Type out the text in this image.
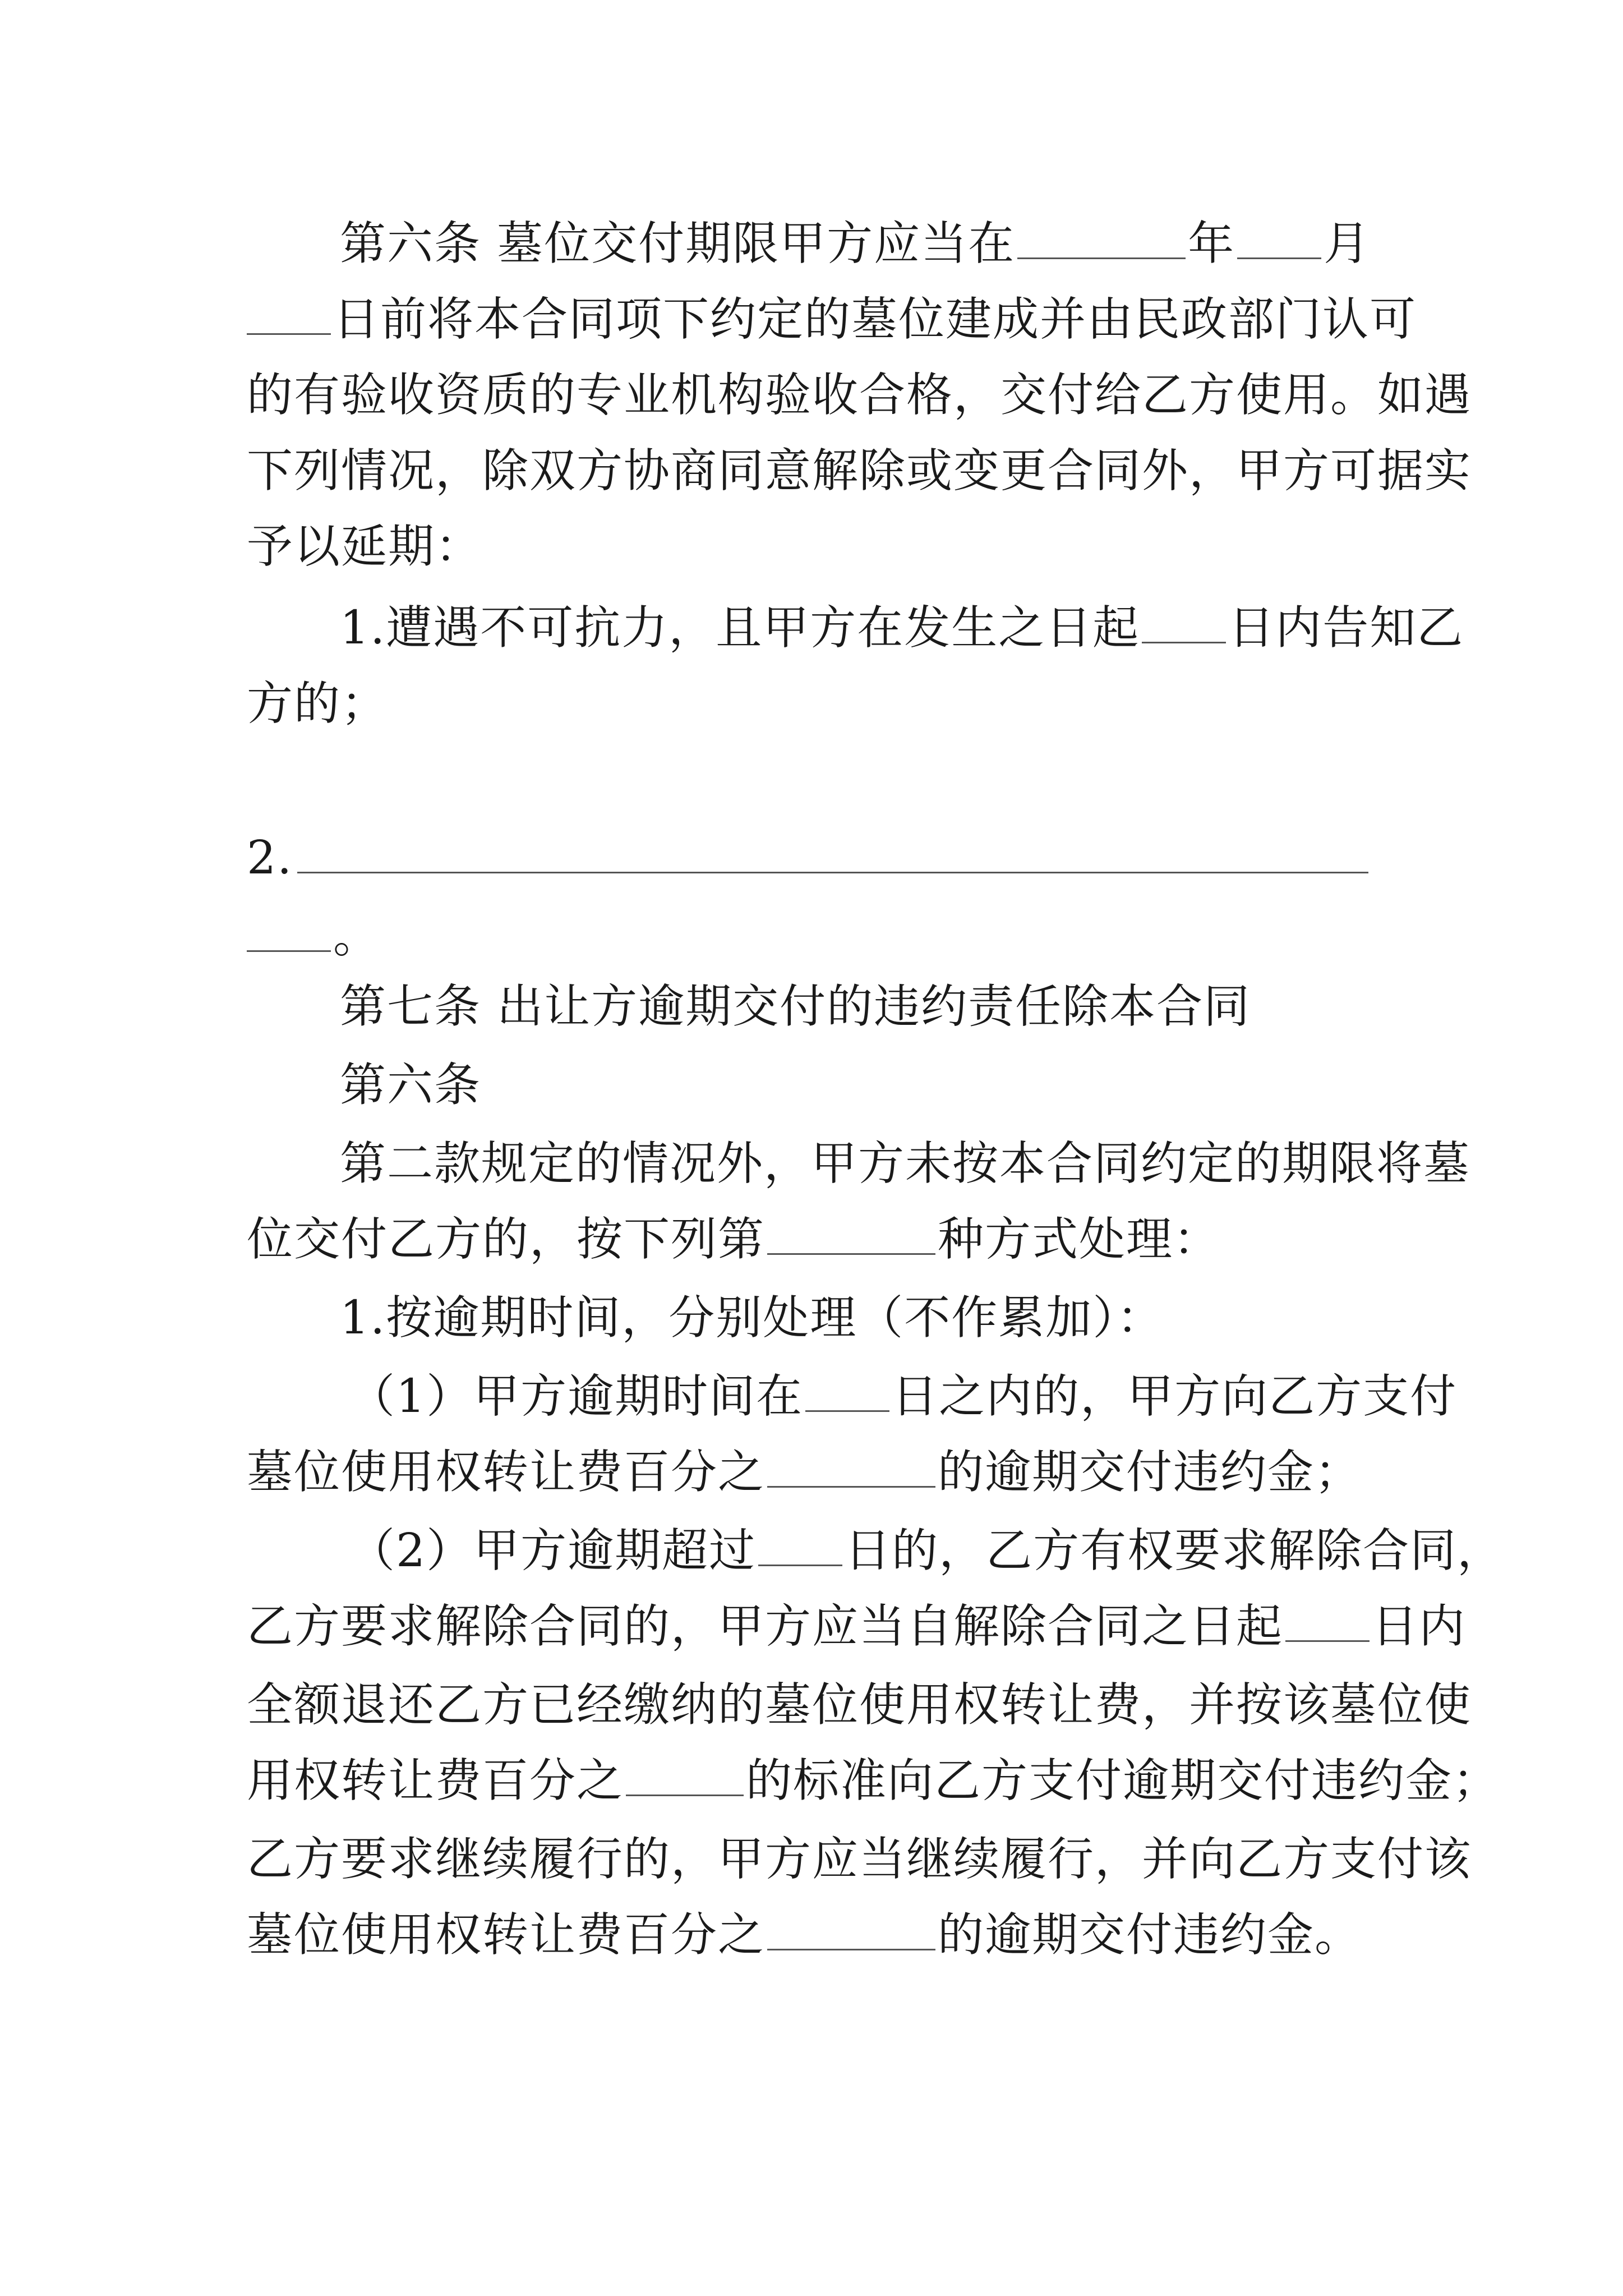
第六条 墓位交付期限甲方应当在	年 月
日前将本合同项下约定的墓位建成并由民政部门认可
的有验收资质的专业机构验收合格，交付给乙方使用。如遇
下列情况，除双方协商同意解除或变更合同外，甲方可据实
予以延期：
1.遭遇不可抗力，且甲方在发生之日起 日内告知乙
方的；
2.
。
第七条 出让方逾期交付的违约责任除本合同
第六条
第二款规定的情况外，甲方未按本合同约定的期限将墓
位交付乙方的，按下列第	种方式处理：
1.按逾期时间，分别处理（不作累加）：
（1）甲方逾期时间在 日之内的，甲方向乙方支付
墓位使用权转让费百分之	的逾期交付违约金；
（2）甲方逾期超过 日的，乙方有权要求解除合同，
乙方要求解除合同的，甲方应当自解除合同之日起 日内
全额退还乙方已经缴纳的墓位使用权转让费，并按该墓位使
用权转让费百分之	的标准向乙方支付逾期交付违约金；
乙方要求继续履行的，甲方应当继续履行，并向乙方支付该
墓位使用权转让费百分之	的逾期交付违约金。
